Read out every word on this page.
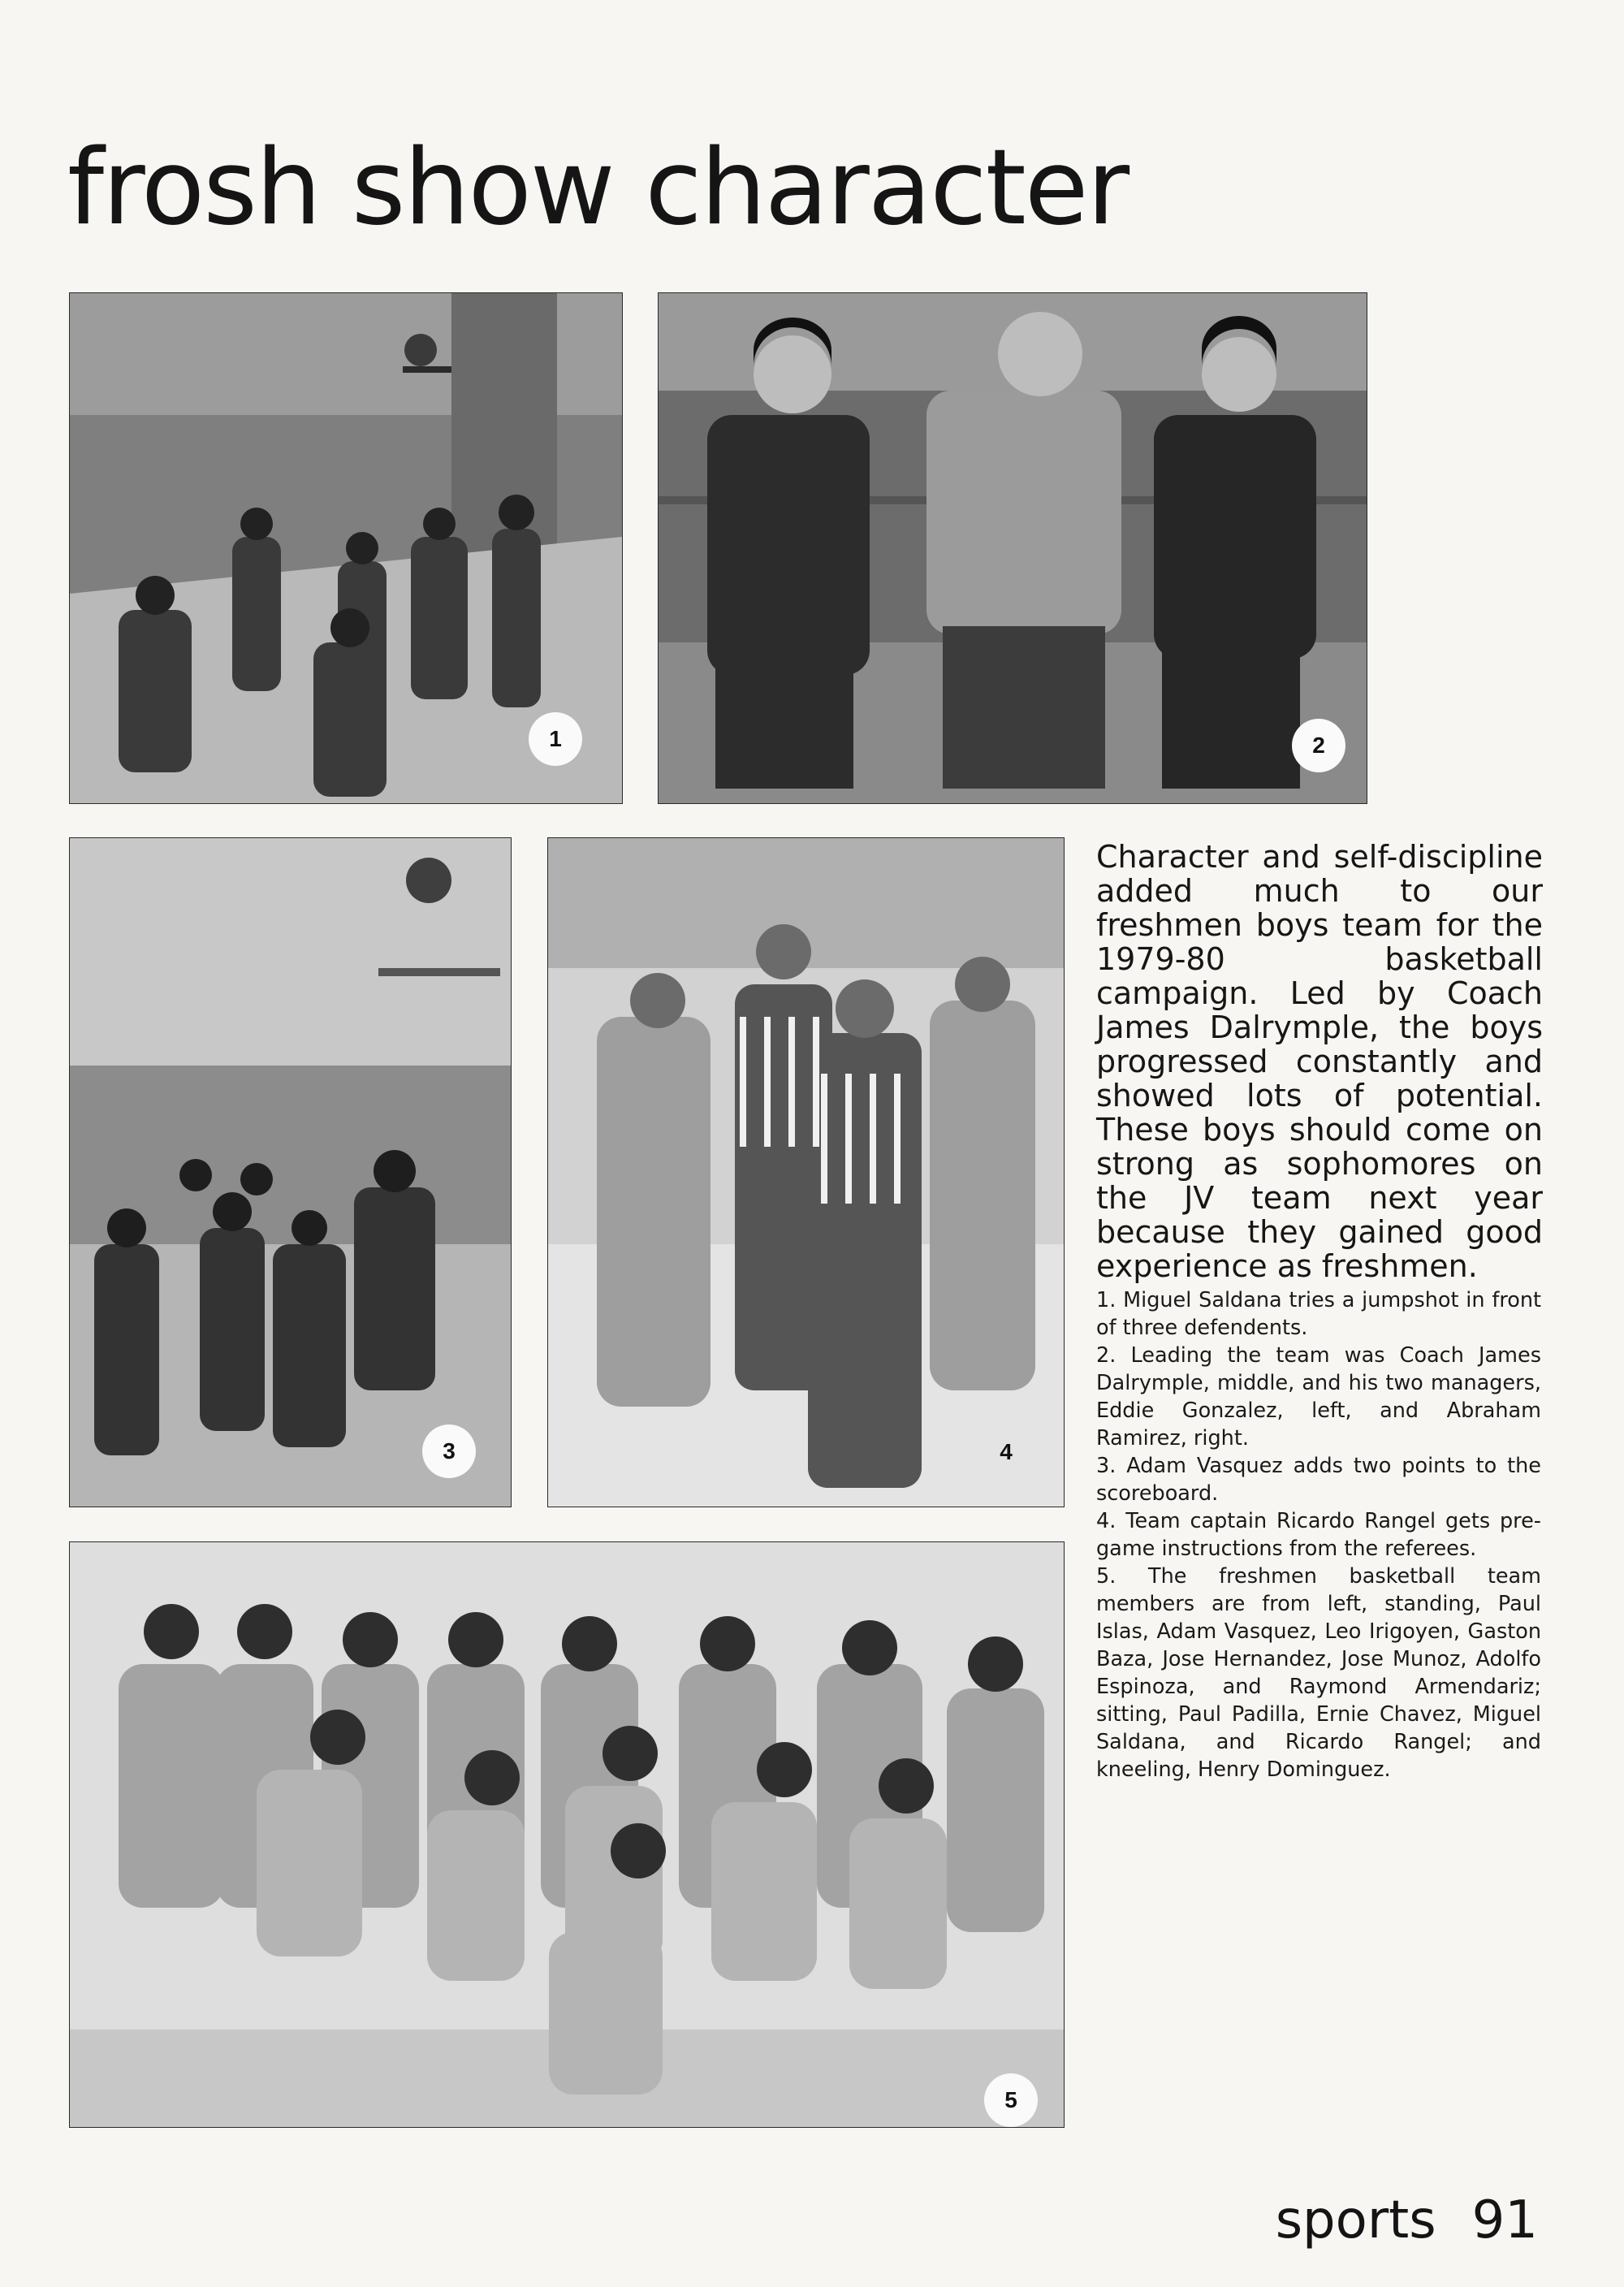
frosh show character
1	2
3	4
5

Character and self-discipline added much to our freshmen boys team for the 1979-80 basketball campaign. Led by Coach James Dalrymple, the boys progressed constantly and showed lots of potential. These boys should come on strong as sophomores on the JV team next year because they gained good experience as freshmen.

1. Miguel Saldana tries a jumpshot in front of three defendents.
2. Leading the team was Coach James Dalrymple, middle, and his two managers, Eddie Gonzalez, left, and Abraham Ramirez, right.
3. Adam Vasquez adds two points to the scoreboard.
4. Team captain Ricardo Rangel gets pre-game instructions from the referees.
5. The freshmen basketball team members are from left, standing, Paul Islas, Adam Vasquez, Leo Irigoyen, Gaston Baza, Jose Hernandez, Jose Munoz, Adolfo Espinoza, and Raymond Armendariz; sitting, Paul Padilla, Ernie Chavez, Miguel Saldana, and Ricardo Rangel; and kneeling, Henry Dominguez.
sports 91
